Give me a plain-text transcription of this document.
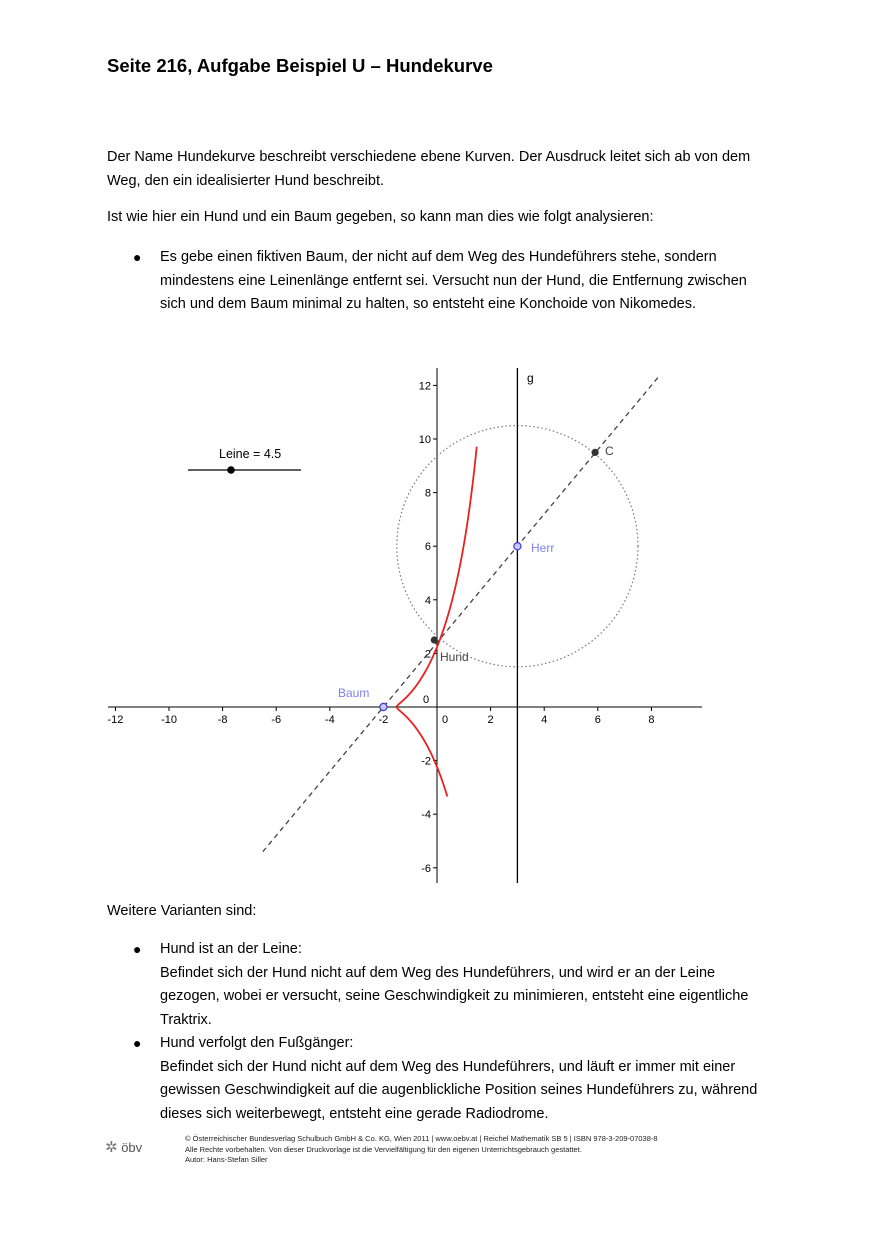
Seite 216, Aufgabe Beispiel U – Hundekurve

Der Name Hundekurve beschreibt verschiedene ebene Kurven. Der Ausdruck leitet sich ab von dem
Weg, den ein idealisierter Hund beschreibt.

Ist wie hier ein Hund und ein Baum gegeben, so kann man dies wie folgt analysieren:

● Es gebe einen fiktiven Baum, der nicht auf dem Weg des Hundeführers stehe, sondern
mindestens eine Leinenlänge entfernt sei. Versucht nun der Hund, die Entfernung zwischen
sich und dem Baum minimal zu halten, so entsteht eine Konchoide von Nikomedes.
-12	-10	-8	-6	-4	-2	0	2	4	6	8
-6
-4
-2
0
2
4
6
8
10
12
Leine = 4.5
g
C
Herr
Hund
Baum

Weitere Varianten sind:

● Hund ist an der Leine:
Befindet sich der Hund nicht auf dem Weg des Hundeführers, und wird er an der Leine
gezogen, wobei er versucht, seine Geschwindigkeit zu minimieren, entsteht eine eigentliche
Traktrix.
● Hund verfolgt den Fußgänger:
Befindet sich der Hund nicht auf dem Weg des Hundeführers, und läuft er immer mit einer
gewissen Geschwindigkeit auf die augenblickliche Position seines Hundeführers zu, während
dieses sich weiterbewegt, entsteht eine gerade Radiodrome.
✲ öbv
© Österreichischer Bundesverlag Schulbuch GmbH & Co. KG, Wien 2011 | www.oebv.at | Reichel Mathematik SB 5 | ISBN 978-3-209-07038-8
Alle Rechte vorbehalten. Von dieser Druckvorlage ist die Vervielfältigung für den eigenen Unterrichtsgebrauch gestattet.
Autor: Hans-Stefan Siller
